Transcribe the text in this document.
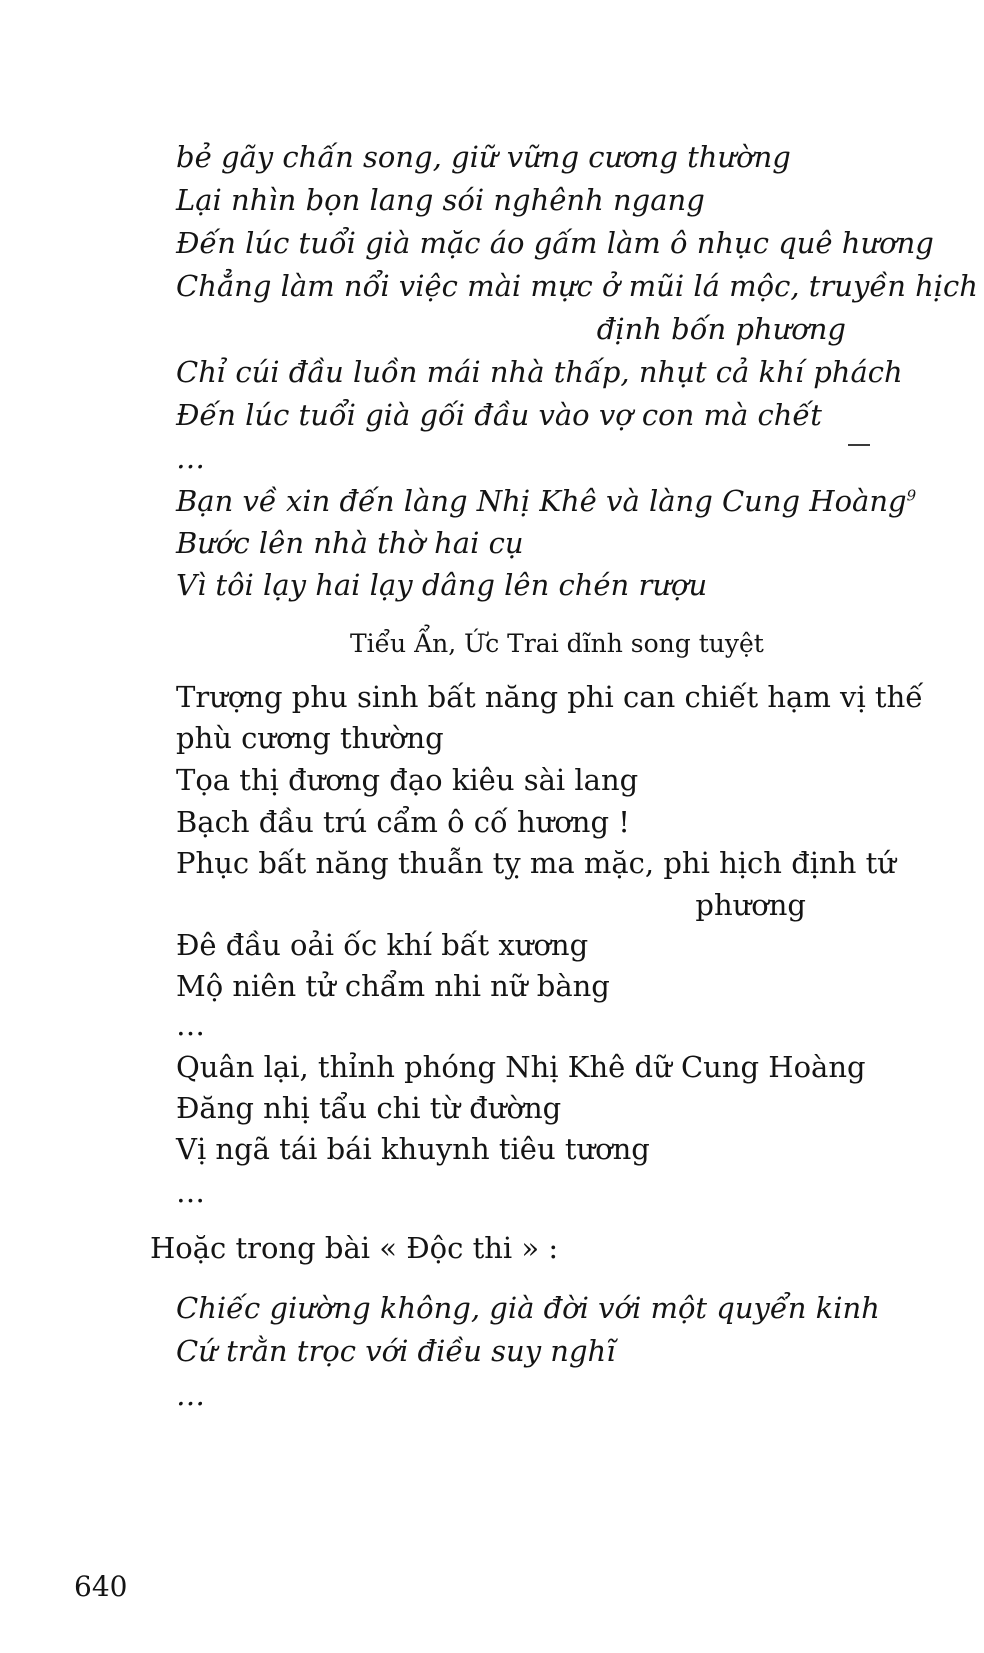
bẻ gãy chấn song, giữ vững cương thường

Lại nhìn bọn lang sói nghênh ngang

Đến lúc tuổi già mặc áo gấm làm ô nhục quê hương

Chẳng làm nổi việc mài mực ở mũi lá mộc, truyền hịch

định bốn phương

Chỉ cúi đầu luồn mái nhà thấp, nhụt cả khí phách

Đến lúc tuổi già gối đầu vào vợ con mà chết

…

Bạn về xin đến làng Nhị Khê và làng Cung Hoàng$^9$

Bước lên nhà thờ hai cụ

Vì tôi lạy hai lạy dâng lên chén rượu

Tiểu Ẩn, Ức Trai dĩnh song tuyệt

Trượng phu sinh bất năng phi can chiết hạm vị thế

phù cương thường

Tọa thị đương đạo kiêu sài lang

Bạch đầu trú cẩm ô cố hương !

Phục bất năng thuẫn tỵ ma mặc, phi hịch định tứ

phương

Đê đầu oải ốc khí bất xương

Mộ niên tử chẩm nhi nữ bàng

…

Quân lại, thỉnh phóng Nhị Khê dữ Cung Hoàng

Đăng nhị tẩu chi từ đường

Vị ngã tái bái khuynh tiêu tương

…

Hoặc trong bài « Độc thi » :

Chiếc giường không, già đời với một quyển kinh

Cứ trằn trọc với điều suy nghĩ

…

640
